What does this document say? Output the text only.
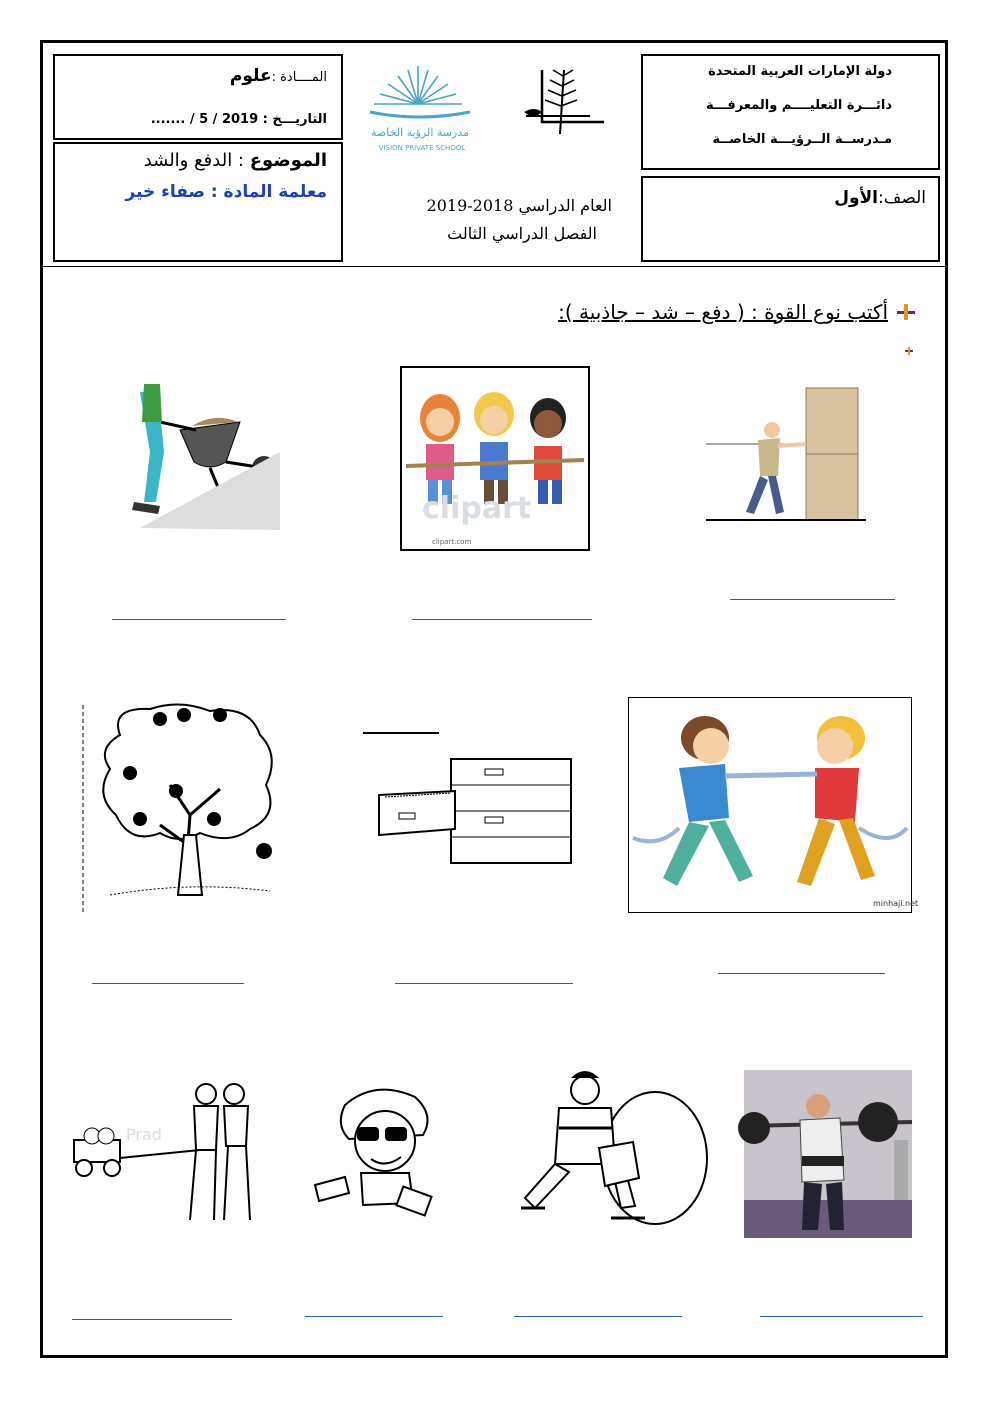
دولة الإمارات العربية المتحدة
دائـــرة التعليــــم والمعرفـــة
مـدرســة الــرؤيـــة الخاصــة
الصف:الأول
المــــادة :علوم
التاريـــخ : ....... / 5 / 2019
الموضوع : الدفع والشد
معلمة المادة : صفاء خير
مدرسة الرؤية الخاصة
VISION PRIVATE SCHOOL
العام الدراسي 2018-2019
الفصل الدراسي الثالث
أكتب نوع القوة : ( دفع – شد – جاذبية ):
clipart
clipart.com
minhaji.net
Prad
